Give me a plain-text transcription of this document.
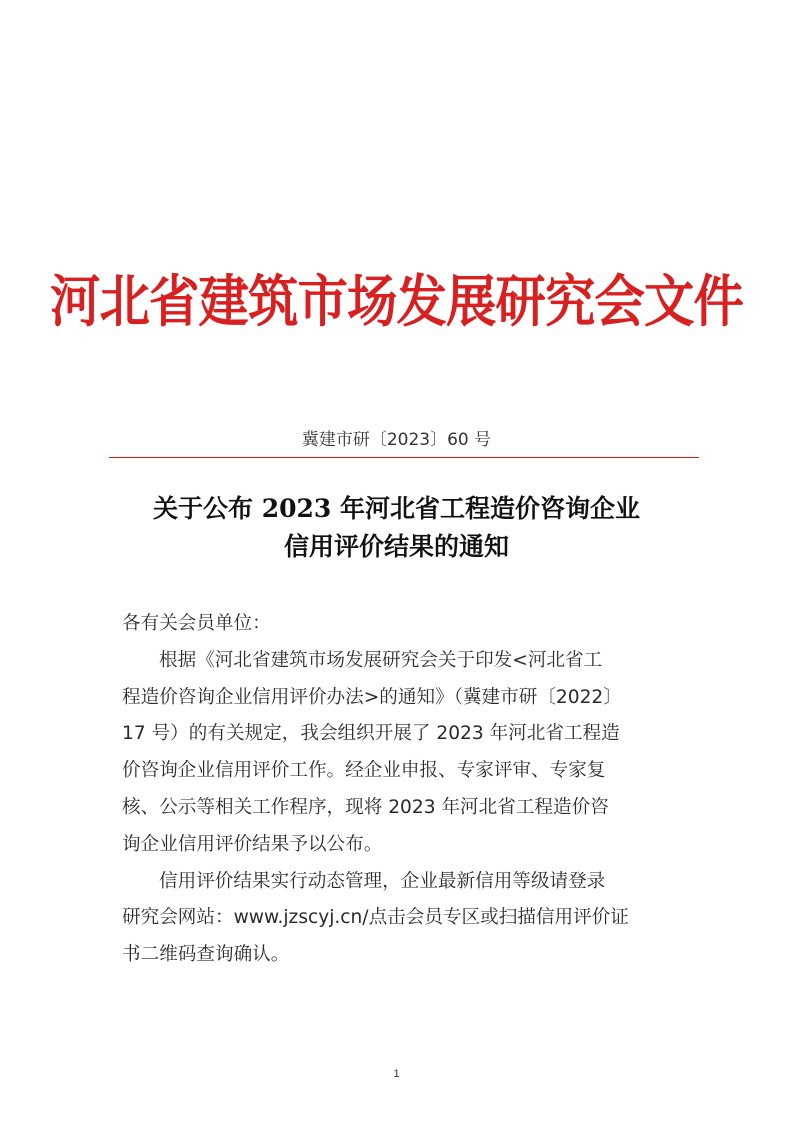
河北省建筑市场发展研究会文件
冀建市研〔2023〕60 号
关于公布 2023 年河北省工程造价咨询企业
信用评价结果的通知
各有关会员单位：
根据《河北省建筑市场发展研究会关于印发<河北省工
程造价咨询企业信用评价办法>的通知》（冀建市研〔2022〕
17 号）的有关规定，我会组织开展了 2023 年河北省工程造
价咨询企业信用评价工作。经企业申报、专家评审、专家复
核、公示等相关工作程序，现将 2023 年河北省工程造价咨
询企业信用评价结果予以公布。
信用评价结果实行动态管理，企业最新信用等级请登录
研究会网站：www.jzscyj.cn/点击会员专区或扫描信用评价证
书二维码查询确认。
1
